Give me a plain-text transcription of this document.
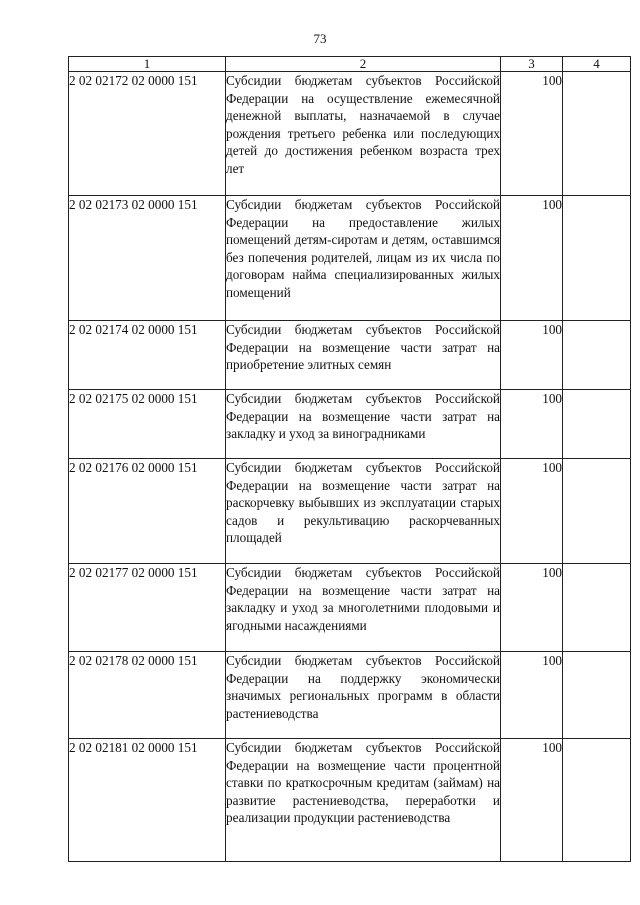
73
1	2	3	4
2 02 02172 02 0000 151	Субсидии бюджетам субъектов Российской Федерации на осуществление ежемесячной денежной выплаты, назначаемой в случае рождения третьего ребенка или последующих детей до достижения ребенком возраста трех лет	100	
2 02 02173 02 0000 151	Субсидии бюджетам субъектов Российской Федерации на предоставление жилых помещений детям-сиротам и детям, оставшимся без попечения родителей, лицам из их числа по договорам найма специализированных жилых помещений	100	
2 02 02174 02 0000 151	Субсидии бюджетам субъектов Российской Федерации на возмещение части затрат на приобретение элитных семян	100	
2 02 02175 02 0000 151	Субсидии бюджетам субъектов Российской Федерации на возмещение части затрат на закладку и уход за виноградниками	100	
2 02 02176 02 0000 151	Субсидии бюджетам субъектов Российской Федерации на возмещение части затрат на раскорчевку выбывших из эксплуатации старых садов и рекультивацию раскорчеванных площадей	100	
2 02 02177 02 0000 151	Субсидии бюджетам субъектов Российской Федерации на возмещение части затрат на закладку и уход за многолетними плодовыми и ягодными насаждениями	100	
2 02 02178 02 0000 151	Субсидии бюджетам субъектов Российской Федерации на поддержку экономически значимых региональных программ в области растениеводства	100	
2 02 02181 02 0000 151	Субсидии бюджетам субъектов Российской Федерации на возмещение части процентной ставки по краткосрочным кредитам (займам) на развитие растениеводства, переработки и реализации продукции растениеводства	100	
